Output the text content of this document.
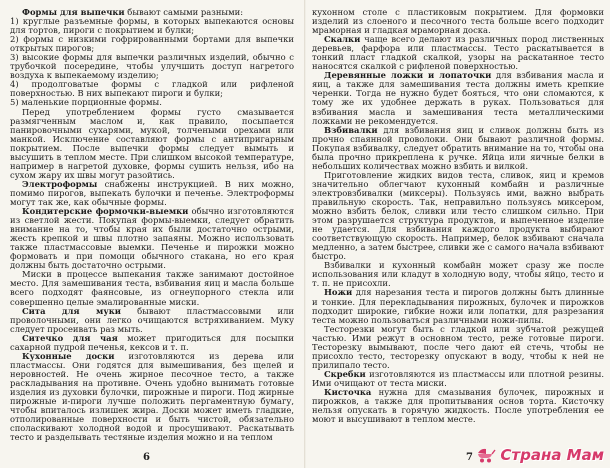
Формы для выпечки бывают самыми разными:

1) круглые разъемные формы, в которых выпекаются основы для тортов, пироги с покрытием и булки;

2) формы с низкими гофрированными бортами для выпечки открытых пирогов;

3) высокие формы для выпечки различных изделий, обычно с трубочкой посередине, чтобы улучшить доступ нагретого воздуха к выпекаемому изделию;

4) продолговатые формы с гладкой или рифленой поверхностью. В них выпекают пироги и булки;

5) маленькие порционные формы.

Перед употреблением формы густо смазывается размягченным маслом и, как правило, посыпается панировочными сухарями, мукой, толчеными орехами или манкой. Исключение составляют формы с антипригарным покрытием. После выпечки формы следует вымыть и высушить в теплом месте. При слишком высокой температуре, например в нагретой духовке, формы сушить нельзя, ибо на сухом жару их швы могут разойтись.

Электроформы снабжены инструкцией. В них можно, помимо пирогов, выпекать булочки и печенье. Электроформы могут так же, как обычные формы.

Кондитерские формочки-выемки обычно изготовляются из светлой жести. Покупая формы-выемки, следует обратить внимание на то, чтобы края их были достаточно острыми, жесть крепкой и швы плотно запаяны. Можно использовать также пластмассовые выемки. Печенье и пирожки можно формовать и при помощи обычного стакана, но его края должны быть достаточно острыми.

Миски в процессе выпекания также занимают достойное место. Для замешивания теста, взбивания яиц и масла больше всего подходят фаянсовые, из огнеупорного стекла или совершенно целые эмалированные миски.

Сита для муки бывают пластмассовыми или проволочными, они легко очищаются встряхиванием. Муку следует просеивать раз мыть.

Ситечко для чая может пригодиться для посыпки сахарной пудрой печенья, кексов и т. п.

Кухонные доски изготовляются из дерева или пластмассы. Они годятся для вымешивания, без щелей и неровностей. Не очень жирное песочное тесто, а также раскладывания на противне. Очень удобно вынимать готовые изделия из духовки булочки, пирожные и пироги. Под жирные пирожные и-пироги лучше положить пергаментную бумагу, чтобы впиталось излишек жира. Доски может иметь гладкие, отполированные поверхности и быть чистой, обязательно споласкивают холодной водой и просушивают. Раскатывать тесто и разделывать тестяные изделия можно и на теплом

6

кухонном столе с пластиковым покрытием. Для формовки изделий из слоеного и песочного теста больше всего подходит мраморная и гладкая мраморная доска.

Скалки чаще всего делают из различных пород лиственных деревьев, фарфора или пластмассы. Тесто раскатывается в тонкий пласт гладкой скалкой, узоры на раскатанное тесто наносятся скалкой с рифленой поверхностью.

Деревянные ложки и лопаточки для взбивания масла и яиц, а также для замешивания теста должны иметь крепкие черенки. Тогда не нужно будет бояться, что они сломаются, к тому же их удобнее держать в руках. Пользоваться для взбивания масла и замешивания теста металлическими ложками не рекомендуется.

Взбивалки для взбивания яиц и сливок должны быть из прочно спаянной проволоки. Они бывают различной формы. Покупая взбивалку, следует обратить внимание на то, чтобы она была прочно прикреплена к ручке. Яйца или яичные белки в небольших количествах можно взбить и вилкой.

Приготовление жидких видов теста, сливок, яиц и кремов значительно облегчают кухонный комбайн и различные электровзбивалки (миксеры). Пользуясь ими, важно выбрать правильную скорость. Так, неправильно пользуясь миксером, можно взбить белок, сливки или тесто слишком сильно. При этом разрушается структура продуктов, и выпеченное изделие не удается. Для взбивания каждого продукта выбирают соответствующую скорость. Например, белок взбивают сначала медленно, а затем быстрее, сливки же с самого начала взбивают быстро.

Взбивалки и кухонный комбайн может сразу же после использования или кладут в холодную воду, чтобы яйцо, тесто и т. п. не присохли.

Ножи для нарезания теста и пирогов должны быть длинные и тонкие. Для перекладывания пирожных, булочек и пирожков подходит широкие, гибкие ножи или лопатки, для разрезания теста можно пользоваться различными ножи-пилы.

Тесторезки могут быть с гладкой или зубчатой режущей частью. Ими режут в основном тесто, реже готовые пироги. Тесторезку вымывают, после чего дают ей стечь, чтобы не присохло тесто, тесторезку опускают в воду, чтобы к ней не прилипало тесто.

Скребки изготовляются из пластмассы или плотной резины. Ими очищают от теста миски.

Кисточка нужна для смазывания булочек, пирожных и пирожков, а также для пропитывания основ торта. Кисточку нельзя опускать в горячую жидкость. После употребления ее моют и высушивают в теплом месте.

7 Страна Мам
